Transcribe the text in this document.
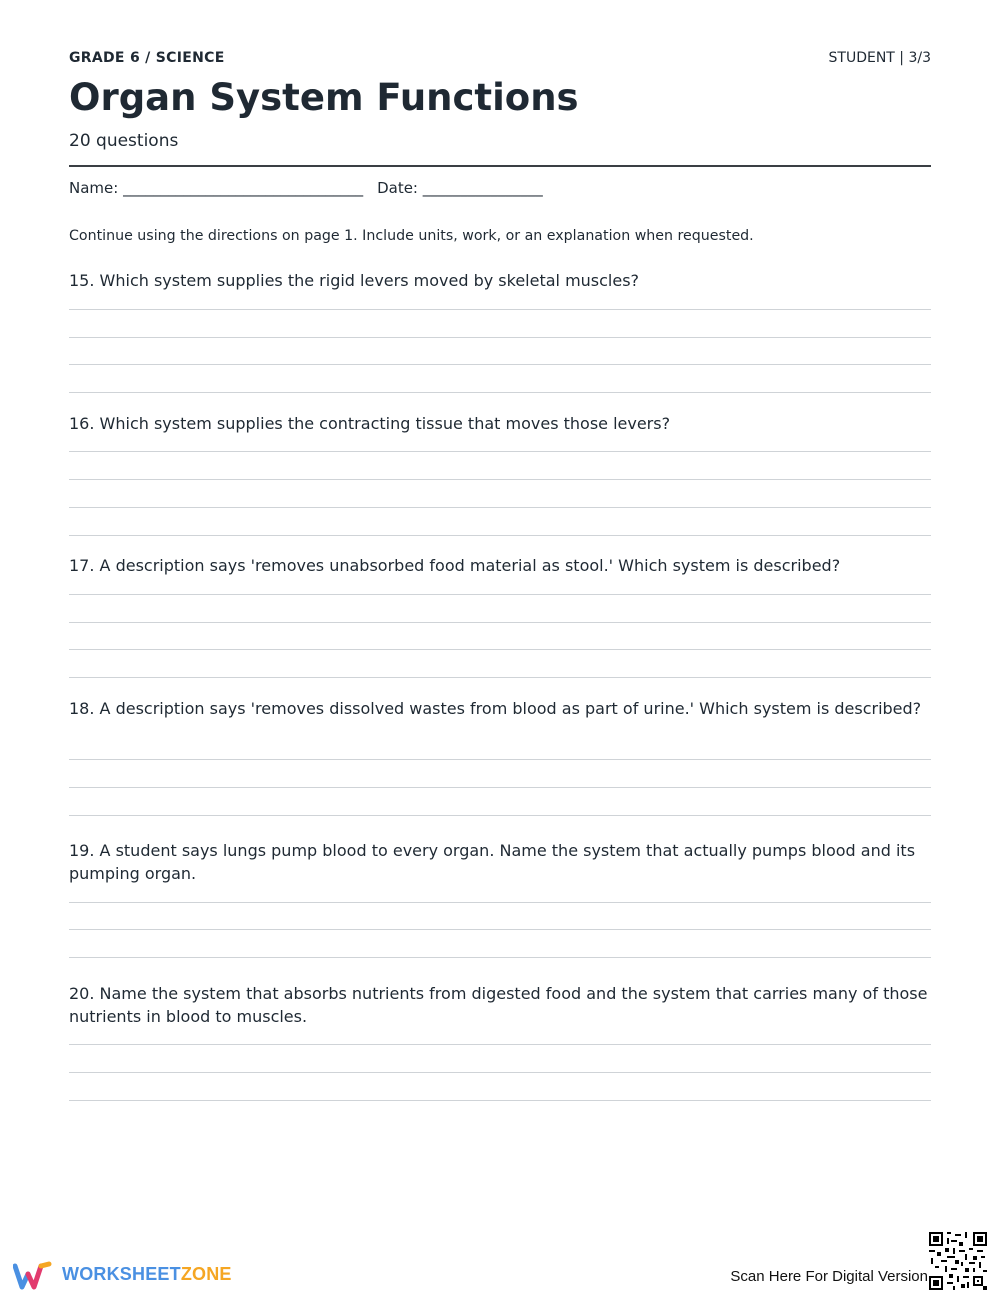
GRADE 6 / SCIENCE	STUDENT | 3/3
Organ System Functions
20 questions
Name: ________________________________ Date: ________________
Continue using the directions on page 1. Include units, work, or an explanation when requested.

15. Which system supplies the rigid levers moved by skeletal muscles?

16. Which system supplies the contracting tissue that moves those levers?

17. A description says 'removes unabsorbed food material as stool.' Which system is described?

18. A description says 'removes dissolved wastes from blood as part of urine.' Which system is described?

19. A student says lungs pump blood to every organ. Name the system that actually pumps blood and its pumping organ.

20. Name the system that absorbs nutrients from digested food and the system that carries many of those nutrients in blood to muscles.

WORKSHEETZONE	Scan Here For Digital Version
